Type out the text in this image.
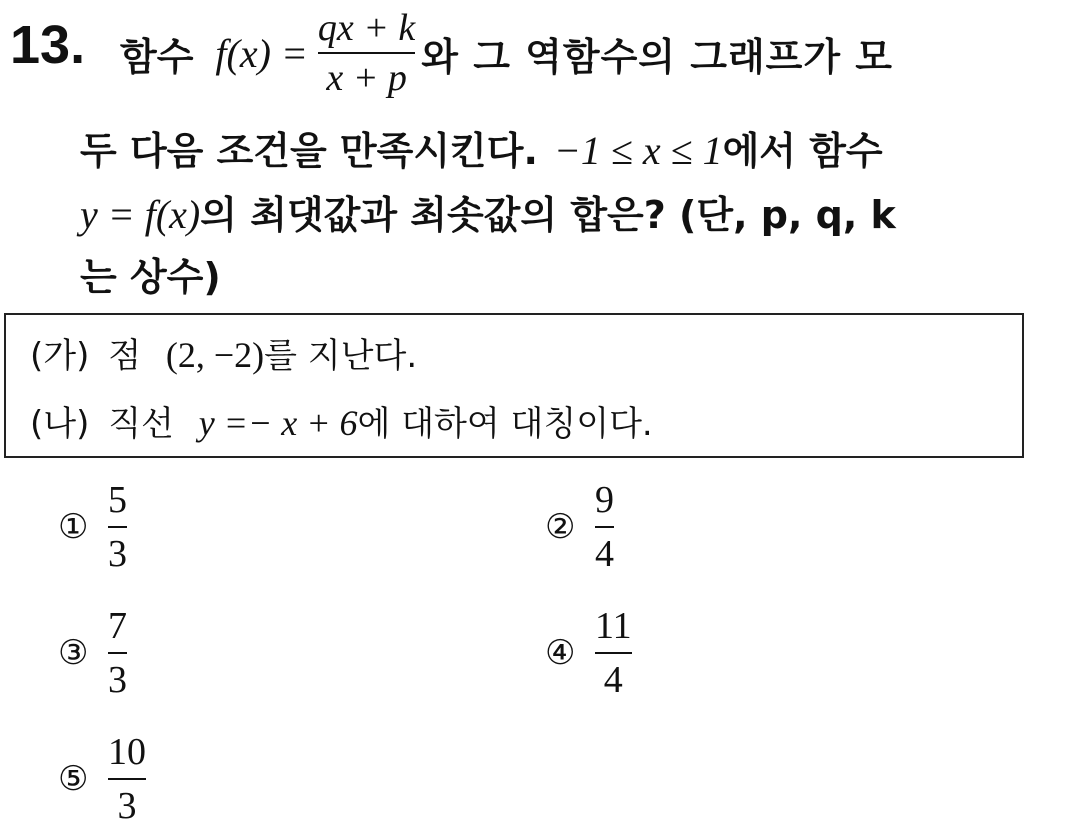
13. 함수 $f(x) = \frac{qx + k}{x + p}$ 와 그 역함수의 그래프가 모
두 다음 조건을 만족시킨다. −1 ≤ x ≤ 1 에서 함수
y = f(x) 의 최댓값과 최솟값의 합은? (단, p, q, k
는 상수)
(가) 점 (2, −2)를 지난다.
(나) 직선 y =− x + 6에 대하여 대칭이다.
①
5
3
②
9
4
③
7
3
④
11
4
⑤
10
3
